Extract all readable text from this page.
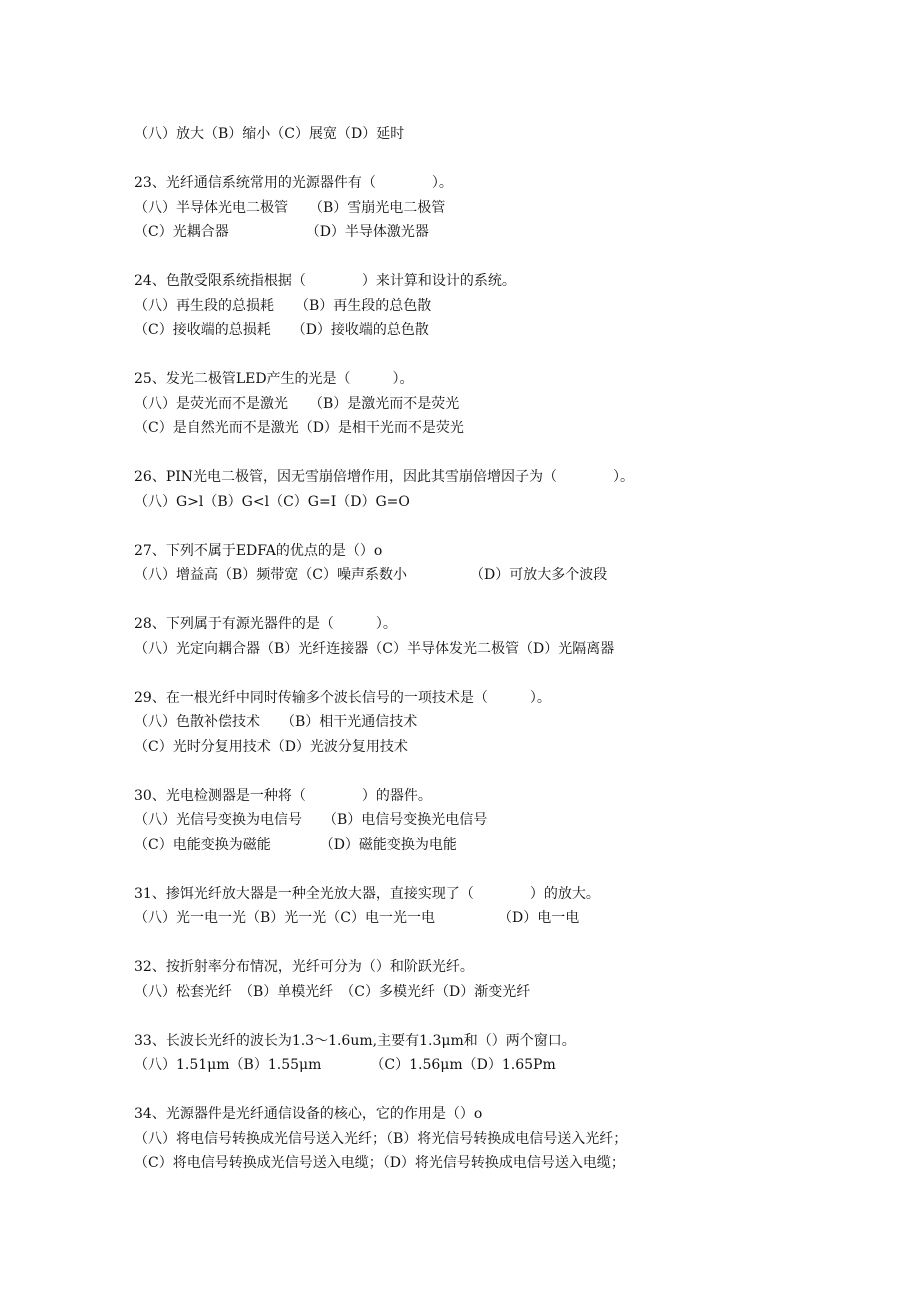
（八）放大（B）缩小（C）展宽（D）延时
23、光纤通信系统常用的光源器件有（　　　　）。
（八）半导体光电二极管　　（B）雪崩光电二极管
（C）光耦合器　　　　　　（D）半导体激光器
24、色散受限系统指根据（　　　　）来计算和设计的系统。
（八）再生段的总损耗　　（B）再生段的总色散
（C）接收端的总损耗　　（D）接收端的总色散
25、发光二极管LED产生的光是（　　　）。
（八）是荧光而不是激光　　（B）是激光而不是荧光
（C）是自然光而不是激光（D）是相干光而不是荧光
26、PIN光电二极管，因无雪崩倍增作用，因此其雪崩倍增因子为（　　　　）。
（八）G>l（B）G<l（C）G=I（D）G=O
27、下列不属于EDFA的优点的是（）o
（八）增益高（B）频带宽（C）噪声系数小　　　　　（D）可放大多个波段
28、下列属于有源光器件的是（　　　）。
（八）光定向耦合器（B）光纤连接器（C）半导体发光二极管（D）光隔离器
29、在一根光纤中同时传输多个波长信号的一项技术是（　　　）。
（八）色散补偿技术　　（B）相干光通信技术
（C）光时分复用技术（D）光波分复用技术
30、光电检测器是一种将（　　　　）的器件。
（八）光信号变换为电信号　　（B）电信号变换光电信号
（C）电能变换为磁能　　　　（D）磁能变换为电能
31、掺饵光纤放大器是一种全光放大器，直接实现了（　　　　）的放大。
（八）光一电一光（B）光一光（C）电一光一电　　　　　（D）电一电
32、按折射率分布情况，光纤可分为（）和阶跃光纤。
（八）松套光纤　（B）单模光纤　（C）多模光纤（D）渐变光纤
33、长波长光纤的波长为1.3～1.6um,主要有1.3μm和（）两个窗口。
（八）1.51μm（B）1.55μm　　　　（C）1.56μm（D）1.65Pm
34、光源器件是光纤通信设备的核心，它的作用是（）o
（八）将电信号转换成光信号送入光纤；（B）将光信号转换成电信号送入光纤；
（C）将电信号转换成光信号送入电缆；（D）将光信号转换成电信号送入电缆；
